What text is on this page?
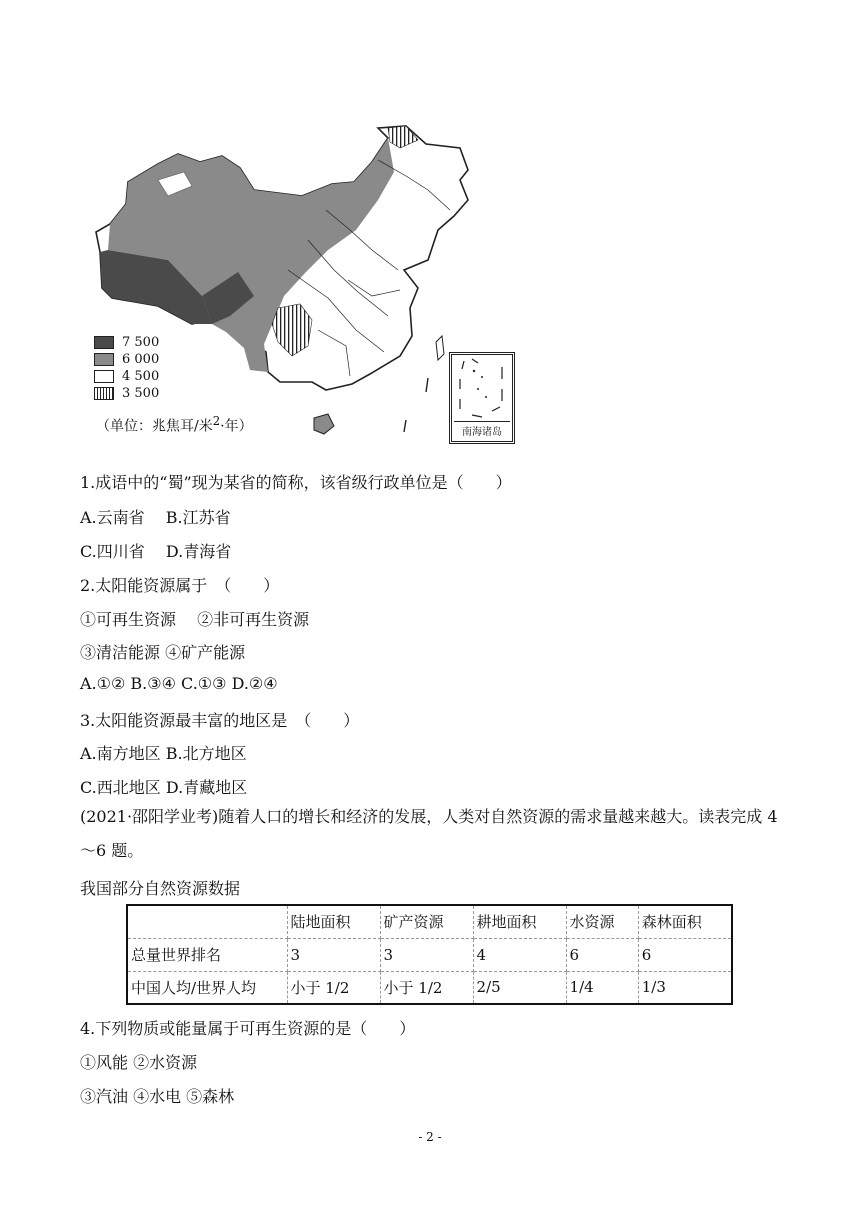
7 500
6 000
4 500
3 500
（单位：兆焦耳/米$^2$·年）	南海诸岛
1.成语中的“蜀”现为某省的简称，该省级行政单位是（　　）
A.云南省　 B.江苏省
C.四川省　 D.青海省
2.太阳能资源属于　（　　）
①可再生资源　 ②非可再生资源
③清洁能源 ④矿产能源
A.①② B.③④ C.①③ D.②④
3.太阳能资源最丰富的地区是　（　　）
A.南方地区 B.北方地区
C.西北地区 D.青藏地区
(2021·邵阳学业考)随着人口的增长和经济的发展，人类对自然资源的需求量越来越大。读表完成 4～6 题。
我国部分自然资源数据
	陆地面积	矿产资源	耕地面积	水资源	森林面积
总量世界排名	3	3	4	6	6
中国人均/世界人均	小于 1/2	小于 1/2	2/5	1/4	1/3
4.下列物质或能量属于可再生资源的是（　　）
①风能 ②水资源
③汽油 ④水电 ⑤森林
- 2 -
